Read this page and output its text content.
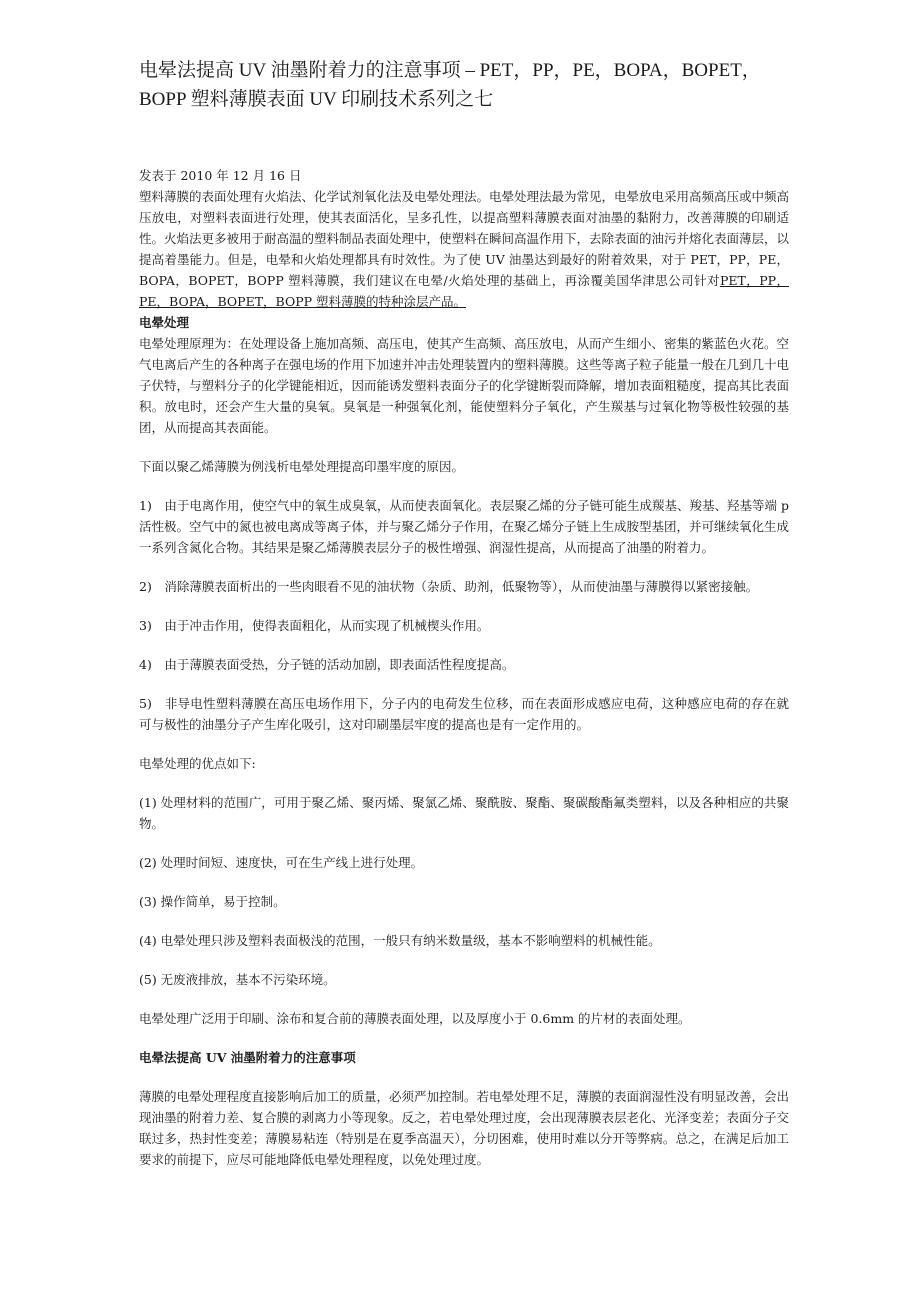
电晕法提高 UV 油墨附着力的注意事项 – PET，PP，PE，BOPA，BOPET，BOPP 塑料薄膜表面 UV 印刷技术系列之七
发表于 2010 年 12 月 16 日

塑料薄膜的表面处理有火焰法、化学试剂氧化法及电晕处理法。电晕处理法最为常见，电晕放电采用高频高压或中频高压放电，对塑料表面进行处理，使其表面活化，呈多孔性，以提高塑料薄膜表面对油墨的黏附力，改善薄膜的印刷适性。火焰法更多被用于耐高温的塑料制品表面处理中，使塑料在瞬间高温作用下，去除表面的油污并熔化表面薄层，以提高着墨能力。但是，电晕和火焰处理都具有时效性。为了使 UV 油墨达到最好的附着效果，对于 PET，PP，PE，BOPA，BOPET，BOPP 塑料薄膜，我们建议在电晕/火焰处理的基础上，再涂覆美国华津思公司针对PET，PP，PE，BOPA，BOPET，BOPP 塑料薄膜的特种涂层产品。

电晕处理

电晕处理原理为：在处理设备上施加高频、高压电，使其产生高频、高压放电，从而产生细小、密集的紫蓝色火花。空气电离后产生的各种离子在强电场的作用下加速并冲击处理装置内的塑料薄膜。这些等离子粒子能量一般在几到几十电子伏特，与塑料分子的化学键能相近，因而能诱发塑料表面分子的化学键断裂而降解，增加表面粗糙度，提高其比表面积。放电时，还会产生大量的臭氧。臭氧是一种强氧化剂，能使塑料分子氧化，产生羰基与过氧化物等极性较强的基团，从而提高其表面能。

下面以聚乙烯薄膜为例浅析电晕处理提高印墨牢度的原因。

1)　由于电离作用，使空气中的氧生成臭氧，从而使表面氧化。表层聚乙烯的分子链可能生成羰基、羧基、羟基等端 p 活性极。空气中的氮也被电离成等离子体，并与聚乙烯分子作用，在聚乙烯分子链上生成胺型基团，并可继续氧化生成一系列含氮化合物。其结果是聚乙烯薄膜表层分子的极性增强、润湿性提高，从而提高了油墨的附着力。

2)　消除薄膜表面析出的一些肉眼看不见的油状物（杂质、助剂，低聚物等），从而使油墨与薄膜得以紧密接触。

3)　由于冲击作用，使得表面粗化，从而实现了机械楔头作用。

4)　由于薄膜表面受热，分子链的活动加剧，即表面活性程度提高。

5)　非导电性塑料薄膜在高压电场作用下，分子内的电荷发生位移，而在表面形成感应电荷，这种感应电荷的存在就可与极性的油墨分子产生库化吸引，这对印刷墨层牢度的提高也是有一定作用的。

电晕处理的优点如下:

(1) 处理材料的范围广，可用于聚乙烯、聚丙烯、聚氯乙烯、聚酰胺、聚酯、聚碳酸酯氟类塑料，以及各种相应的共聚物。

(2) 处理时间短、速度快，可在生产线上进行处理。

(3) 操作简单，易于控制。

(4) 电晕处理只涉及塑料表面极浅的范围，一般只有纳米数量级，基本不影响塑料的机械性能。

(5) 无废液排放，基本不污染环境。

电晕处理广泛用于印刷、涂布和复合前的薄膜表面处理，以及厚度小于 0.6mm 的片材的表面处理。

电晕法提高 UV 油墨附着力的注意事项

薄膜的电晕处理程度直接影响后加工的质量，必须严加控制。若电晕处理不足，薄膜的表面润湿性没有明显改善，会出现油墨的附着力差、复合膜的剥离力小等现象。反之，若电晕处理过度，会出现薄膜表层老化、光泽变差；表面分子交联过多，热封性变差；薄膜易粘连（特别是在夏季高温天），分切困难，使用时难以分开等弊病。总之，在满足后加工要求的前提下，应尽可能地降低电晕处理程度，以免处理过度。
